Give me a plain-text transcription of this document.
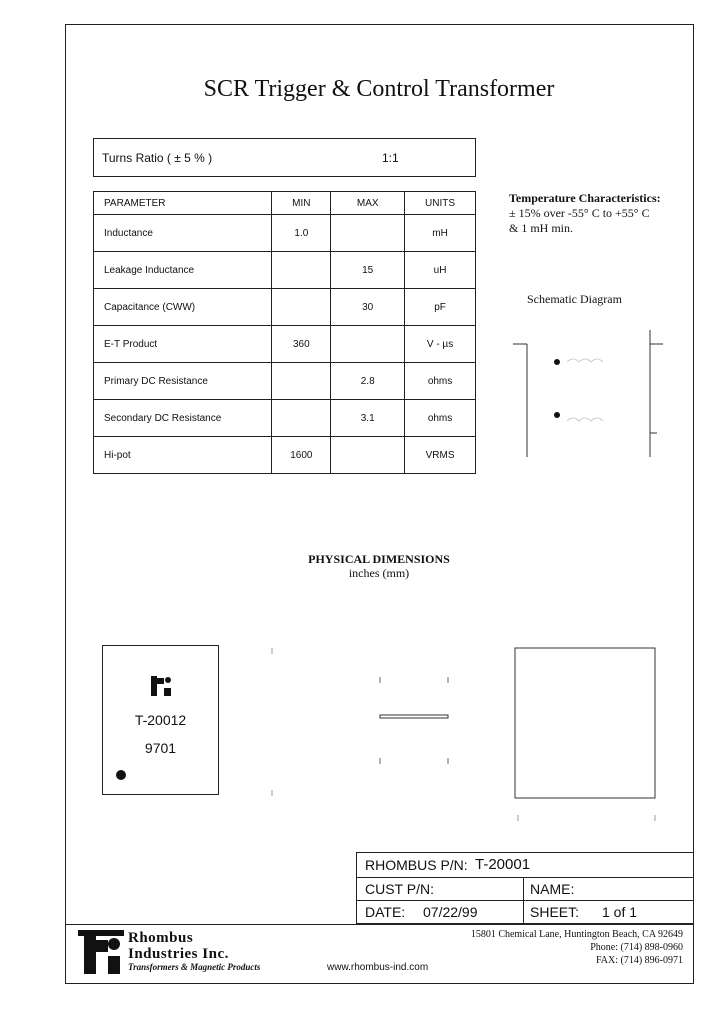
SCR Trigger & Control Transformer
Turns Ratio ( ± 5 % )	1:1
PARAMETER	MIN	MAX	UNITS
Inductance	1.0		mH
Leakage Inductance		15	uH
Capacitance (CWW)		30	pF
E-T Product	360		V - µs
Primary DC Resistance		2.8	ohms
Secondary DC Resistance		3.1	ohms
Hi-pot	1600		VRMS
Temperature Characteristics:
± 15% over -55° C to +55° C
& 1 mH min.
Schematic Diagram
PHYSICAL DIMENSIONS
inches (mm)
T-20012
9701
RHOMBUS P/N: T-20001
CUST P/N:	NAME:
DATE: 07/22/99	SHEET: 1 of 1
Rhombus
Industries Inc.
Transformers & Magnetic Products	www.rhombus-ind.com
15801 Chemical Lane, Huntington Beach, CA 92649
Phone: (714) 898-0960
FAX: (714) 896-0971
